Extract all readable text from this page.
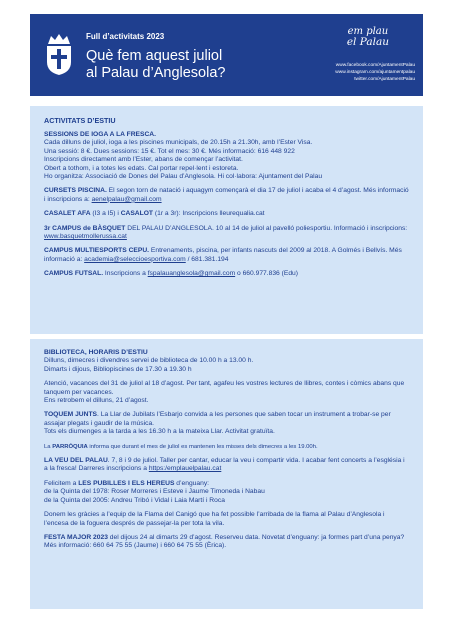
Full d’activitats 2023
Què fem aquest juliol
al Palau d’Anglesola?
em plau
el Palau
www.facebook.com/AjuntamentPalau
www.instagram.com/ajuntamentpalau
twitter.com/AjuntamentPalau
ACTIVITATS D’ESTIU
SESSIONS DE IOGA A LA FRESCA.
Cada dilluns de juliol, ioga a les piscines municipals, de 20.15h a 21.30h, amb l’Ester Visa.
Una sessió: 8 €. Dues sessions: 15 €. Tot el mes: 30 €. Més informació: 616 448 922
Inscripcions directament amb l’Ester, abans de començar l’activitat.
Obert a tothom, i a totes les edats. Cal portar repel·lent i estoreta.
Ho organitza: Associació de Dones del Palau d’Anglesola. Hi col·labora: Ajuntament del Palau
CURSETS PISCINA. El segon torn de natació i aquagym començarà el dia 17 de juliol i acaba el 4 d’agost. Més informació i inscripcions a: aenelpalau@gmail.com
CASALET AFA (I3 a I5) i CASALOT (1r a 3r): Inscripcions lleurequalia.cat
3r CAMPUS de BÀSQUET DEL PALAU D’ANGLESOLA. 10 al 14 de juliol al pavelló poliesportiu. Informació i inscripcions: www.basquetmollerussa.cat
CAMPUS MULTIESPORTS CEPU. Entrenaments, piscina, per infants nascuts del 2009 al 2018. A Golmés i Bellvís. Més informació a: academia@seleccioesportiva.com / 681.381.194
CAMPUS FUTSAL. Inscripcions a fspalauanglesola@gmail.com o 660.977.836 (Edu)
BIBLIOTECA, HORARIS D’ESTIU
Dilluns, dimecres i divendres servei de biblioteca de 10.00 h a 13.00 h.
Dimarts i dijous, Bibliopiscines de 17.30 a 19.30 h
Atenció, vacances del 31 de juliol al 18 d’agost. Per tant, agafeu les vostres lectures de llibres, contes i còmics abans que tanquem per vacances.
Ens retrobem el dilluns, 21 d’agost.
TOQUEM JUNTS. La Llar de Jubilats l’Esbarjo convida a les persones que saben tocar un instrument a trobar-se per assajar plegats i gaudir de la música.
Tots els diumenges a la tarda a les 16.30 h a la mateixa Llar. Activitat gratuïta.
La PARRÒQUIA informa que durant el mes de juliol es mantenen les misses dels dimecres a les 19.00h.
LA VEU DEL PALAU. 7, 8 i 9 de juliol. Taller per cantar, educar la veu i compartir vida. I acabar fent concerts a l’església i a la fresca! Darreres inscripcions a https:/emplauelpalau.cat
Felicitem a LES PUBILLES I ELS HEREUS d’enguany:
de la Quinta del 1978: Roser Morreres i Esteve i Jaume Timoneda i Nabau
de la Quinta del 2005: Andreu Tribó i Vidal i Laia Martí i Roca
Donem les gràcies a l’equip de la Flama del Canigó que ha fet possible l’arribada de la flama al Palau d’Anglesola i l’encesa de la foguera després de passejar-la per tota la vila.
FESTA MAJOR 2023 del dijous 24 al dimarts 29 d’agost. Reserveu data. Novetat d’enguany: ja formes part d’una penya? Més informació: 660 64 75 55 (Jaume) i 660 64 75 55 (Èrica).
